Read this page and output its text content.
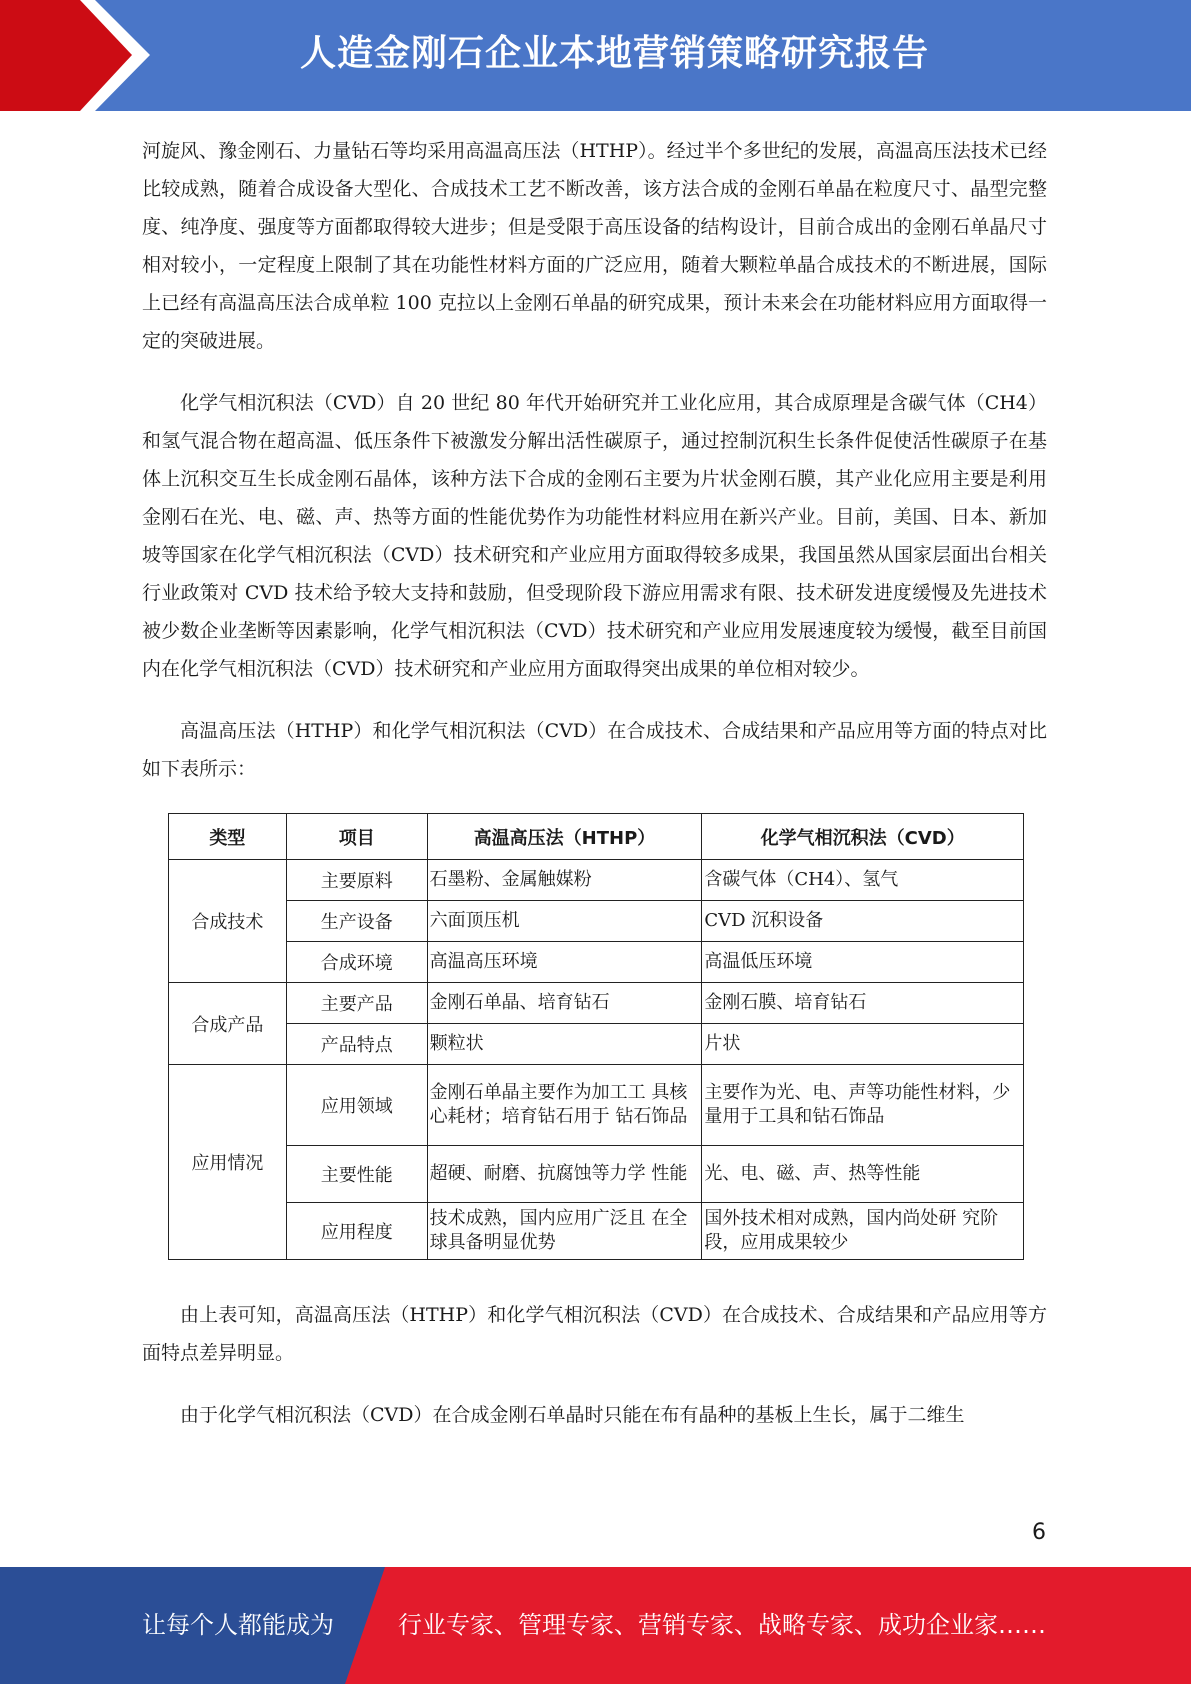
人造金刚石企业本地营销策略研究报告

河旋风、豫金刚石、力量钻石等均采用高温高压法（HTHP）。经过半个多世纪的发展，高温高压法技术已经比较成熟，随着合成设备大型化、合成技术工艺不断改善，该方法合成的金刚石单晶在粒度尺寸、晶型完整度、纯净度、强度等方面都取得较大进步；但是受限于高压设备的结构设计，目前合成出的金刚石单晶尺寸相对较小，一定程度上限制了其在功能性材料方面的广泛应用，随着大颗粒单晶合成技术的不断进展，国际上已经有高温高压法合成单粒 100 克拉以上金刚石单晶的研究成果，预计未来会在功能材料应用方面取得一定的突破进展。

化学气相沉积法（CVD）自 20 世纪 80 年代开始研究并工业化应用，其合成原理是含碳气体（CH4）和氢气混合物在超高温、低压条件下被激发分解出活性碳原子，通过控制沉积生长条件促使活性碳原子在基体上沉积交互生长成金刚石晶体，该种方法下合成的金刚石主要为片状金刚石膜，其产业化应用主要是利用金刚石在光、电、磁、声、热等方面的性能优势作为功能性材料应用在新兴产业。目前，美国、日本、新加坡等国家在化学气相沉积法（CVD）技术研究和产业应用方面取得较多成果，我国虽然从国家层面出台相关行业政策对 CVD 技术给予较大支持和鼓励，但受现阶段下游应用需求有限、技术研发进度缓慢及先进技术被少数企业垄断等因素影响，化学气相沉积法（CVD）技术研究和产业应用发展速度较为缓慢，截至目前国内在化学气相沉积法（CVD）技术研究和产业应用方面取得突出成果的单位相对较少。

高温高压法（HTHP）和化学气相沉积法（CVD）在合成技术、合成结果和产品应用等方面的特点对比如下表所示：

类型	项目	高温高压法（HTHP）	化学气相沉积法（CVD）
合成技术	主要原料	石墨粉、金属触媒粉	含碳气体（CH4）、氢气
	生产设备	六面顶压机	CVD 沉积设备
	合成环境	高温高压环境	高温低压环境
合成产品	主要产品	金刚石单晶、培育钻石	金刚石膜、培育钻石
	产品特点	颗粒状	片状
应用情况	应用领域	金刚石单晶主要作为加工工 具核心耗材；培育钻石用于 钻石饰品	主要作为光、电、声等功能性材料，少量用于工具和钻石饰品
	主要性能	超硬、耐磨、抗腐蚀等力学 性能	光、电、磁、声、热等性能
	应用程度	技术成熟，国内应用广泛且 在全球具备明显优势	国外技术相对成熟，国内尚处研 究阶段，应用成果较少

由上表可知，高温高压法（HTHP）和化学气相沉积法（CVD）在合成技术、合成结果和产品应用等方面特点差异明显。

由于化学气相沉积法（CVD）在合成金刚石单晶时只能在布有晶种的基板上生长，属于二维生

6
让每个人都能成为	行业专家、管理专家、营销专家、战略专家、成功企业家……
